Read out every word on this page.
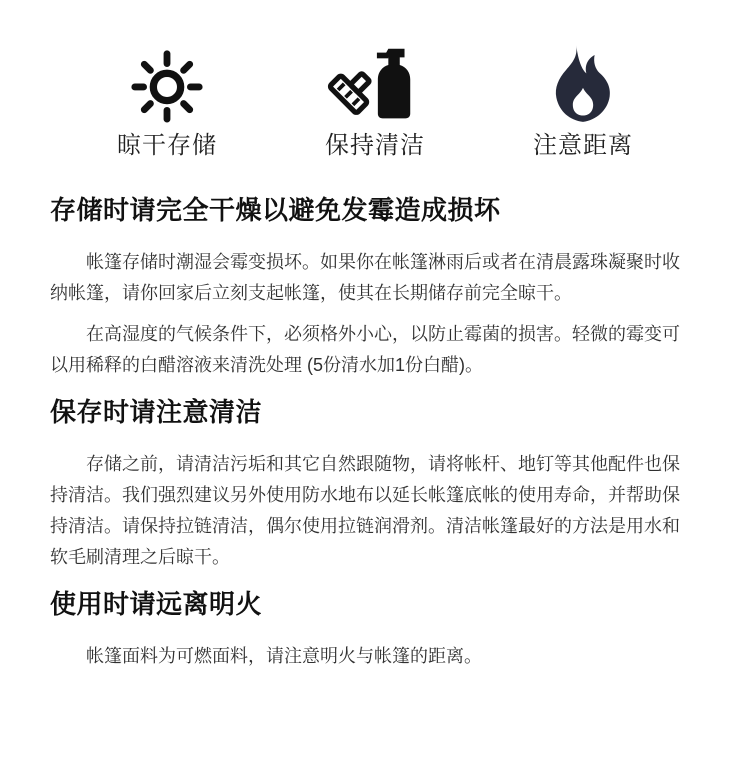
晾干存储	保持清洁	注意距离
存储时请完全干燥以避免发霉造成损坏

帐篷存储时潮湿会霉变损坏。如果你在帐篷淋雨后或者在清晨露珠凝聚时收纳帐篷，请你回家后立刻支起帐篷，使其在长期储存前完全晾干。

在高湿度的气候条件下，必须格外小心，以防止霉菌的损害。轻微的霉变可以用稀释的白醋溶液来清洗处理 (5份清水加1份白醋)。

保存时请注意清洁

存储之前，请清洁污垢和其它自然跟随物，请将帐杆、地钉等其他配件也保持清洁。我们强烈建议另外使用防水地布以延长帐篷底帐的使用寿命，并帮助保持清洁。请保持拉链清洁，偶尔使用拉链润滑剂。清洁帐篷最好的方法是用水和软毛刷清理之后晾干。

使用时请远离明火

帐篷面料为可燃面料，请注意明火与帐篷的距离。
